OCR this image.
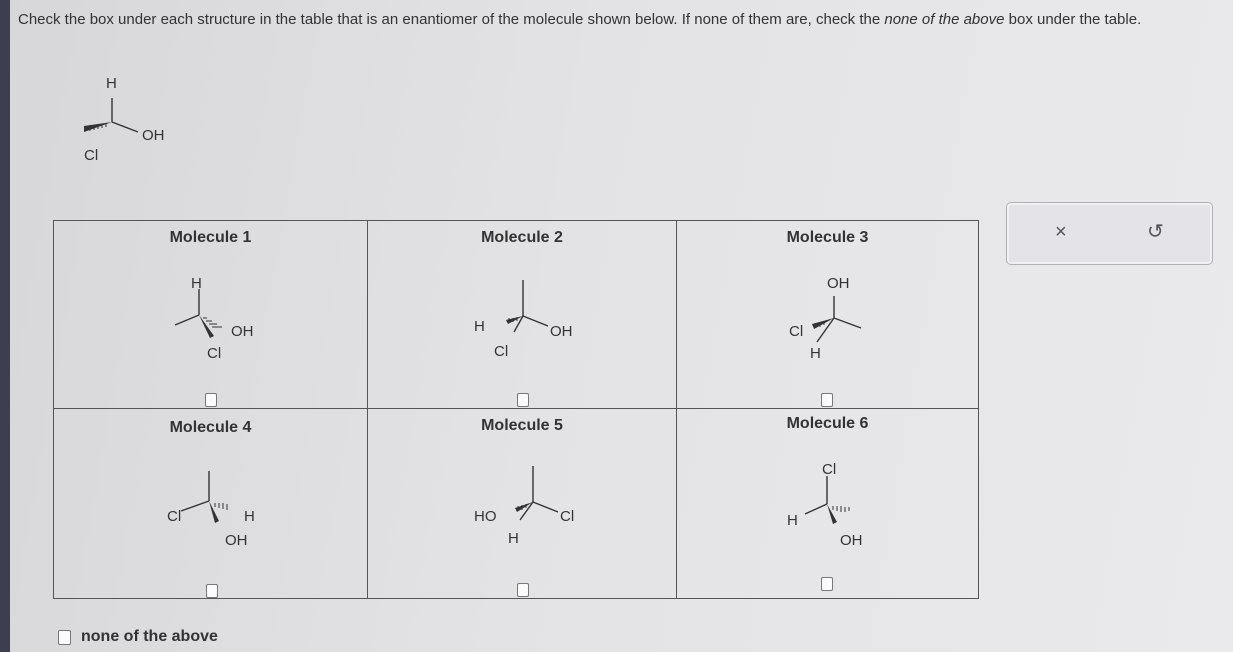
Check the box under each structure in the table that is an enantiomer of the molecule shown below. If none of them are, check the none of the above box under the table.
H
OH
Cl
Molecule 1
H
OH
Cl	Molecule 2
H OH
Cl	Molecule 3
OH
Cl
H

Molecule 4
Cl H
OH	Molecule 5
HO Cl
H	Molecule 6
Cl
H
OH
none of the above
×	↺
